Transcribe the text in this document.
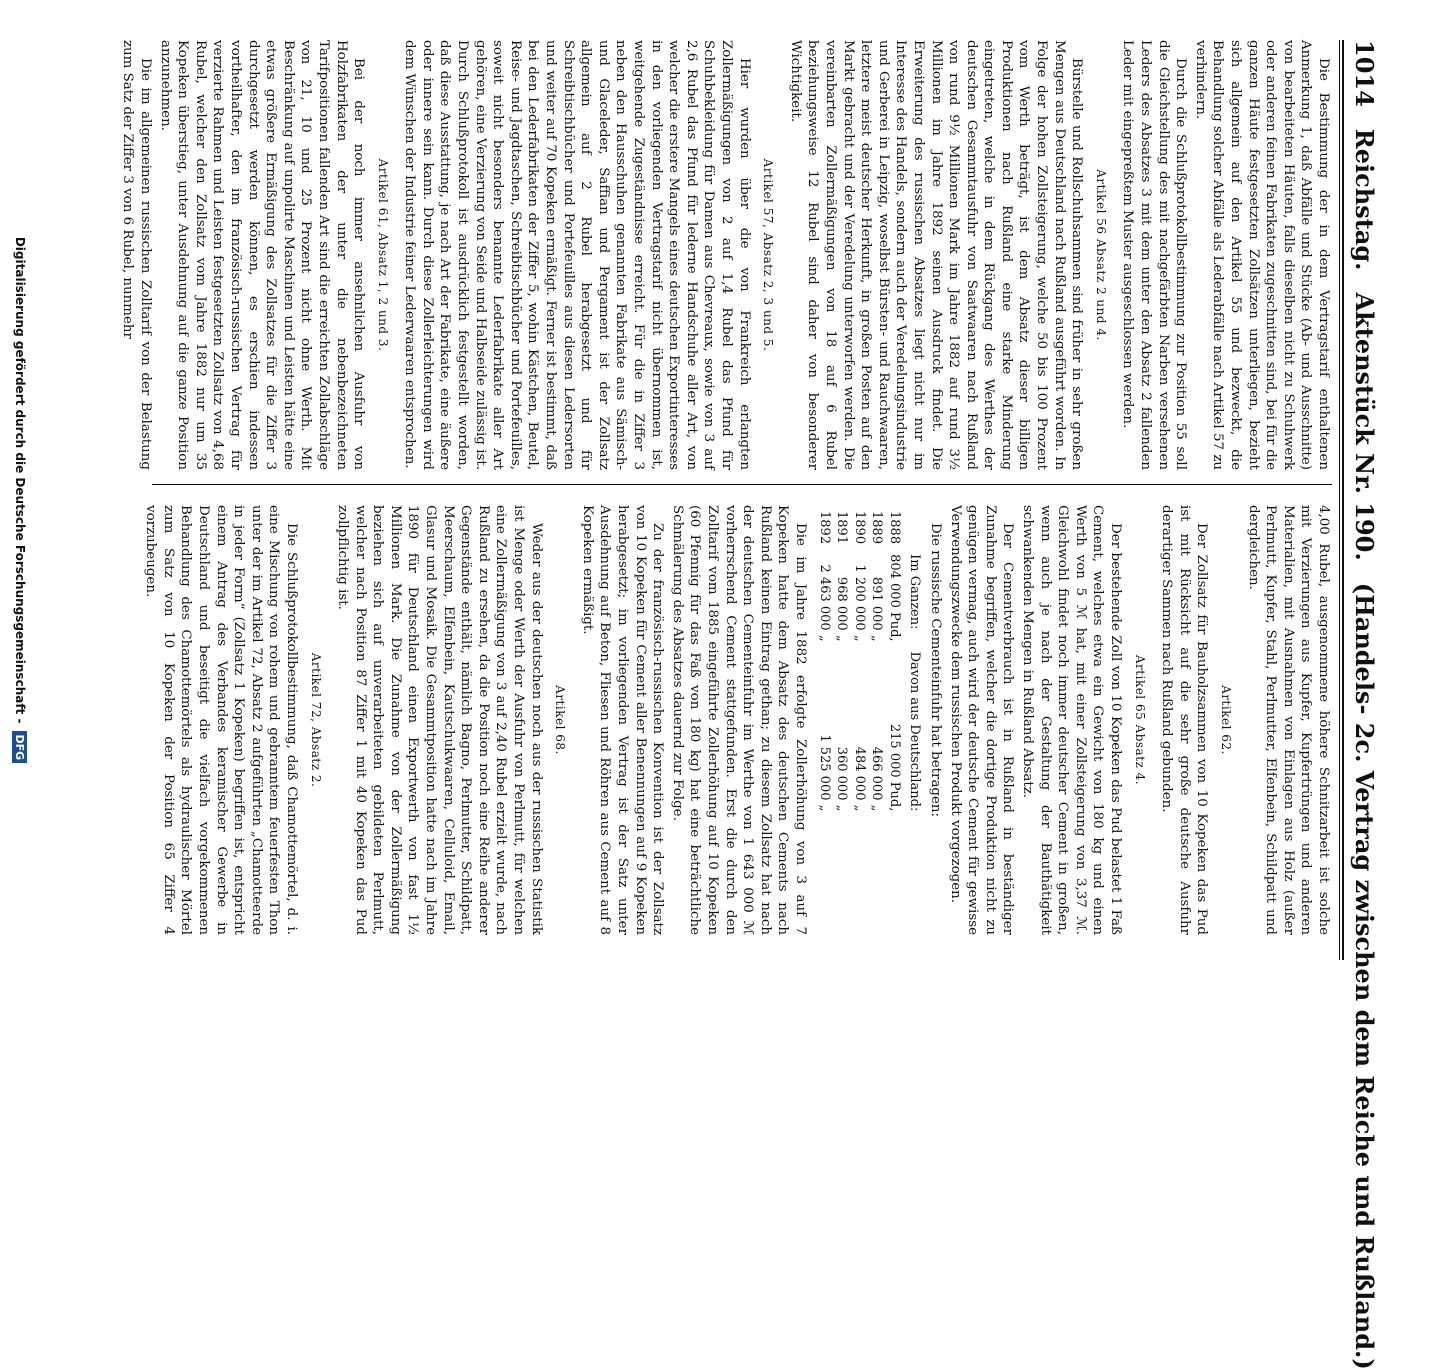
1014
Reichstag.
Aktenstück Nr. 190.
(Handels- 2c. Vertrag zwischen dem Reiche und Rußland.)

Die Bestimmung der in dem Vertragstarif enthaltenen Anmerkung 1, daß Abfälle und Stücke (Ab- und Ausschnitte) von bearbeiteten Häuten, falls dieselben nicht zu Schuhwerk oder anderen feinen Fabrikaten zugeschnitten sind, bei für die ganzen Häute festgesetzten Zollsätzen unterliegen, bezieht sich allgemein auf den Artikel 55 und bezweckt, die Behandlung solcher Abfälle als Lederabfälle nach Artikel 57 zu verhindern.

Durch die Schlußprotokollbestimmung zur Position 55 soll die Gleichstellung des mit nachgefärbten Narben versehenen Leders des Absatzes 3 mit dem unter den Absatz 2 fallenden Leder mit eingepreßtem Muster ausgeschlossen werden.

Artikel 56 Absatz 2 und 4.

Bürstelle und Rollschuhsammen sind früher in sehr großen Mengen aus Deutschland nach Rußland ausgeführt worden. In Folge der hohen Zollsteigerung, welche 50 bis 100 Prozent vom Werth beträgt, ist dem Absatz dieser billigen Produktionen nach Rußland eine starke Minderung eingetreten, welche in dem Rückgang des Werthes der deutschen Gesammtausfuhr von Saatwaaren nach Rußland von rund 9½ Millionen Mark im Jahre 1882 auf rund 3½ Millionen im Jahre 1892 seinen Ausdruck findet. Die Erweiterung des russischen Absatzes liegt nicht nur im Interesse des Handels, sondern auch der Veredelungsindustrie und Gerberei in Leipzig, woselbst Bürsten- und Rauchwaaren, letztere meist deutscher Herkunft, in großen Posten auf den Markt gebracht und der Veredelung unterworfen werden. Die vereinbarten Zollermäßigungen von 18 auf 6 Rubel beziehungsweise 12 Rubel sind daher von besonderer Wichtigkeit.

Artikel 57, Absatz 2, 3 und 5.

Hier wurden über die von Frankreich erlangten Zollermäßigungen von 2 auf 1,4 Rubel das Pfund für Schuhbekleidung für Damen aus Chevreaux, sowie von 3 auf 2,6 Rubel das Pfund für lederne Handschuhe aller Art, von welcher die erstere Mangels eines deutschen Exportinteresses in den vorliegenden Vertragstarif nicht übernommen ist, weitgehende Zugeständnisse erreicht. Für die in Ziffer 3 neben den Hausschuhen genannten Fabrikate aus Sämisch- und Glaceleder, Saffian und Pergament ist der Zollsatz allgemein auf 2 Rubel herabgesetzt und für Schreibtischbücher und Portefeuilles aus diesen Ledersorten und weiter auf 70 Kopeken ermäßigt. Ferner ist bestimmt, daß bei den Lederfabrikaten der Ziffer 5, wohin Kästchen, Beutel, Reise- und Jagdtaschen, Schreibtischbücher und Portefeuilles, soweit nicht besonders benannte Lederfabrikate aller Art gehören, eine Verzierung von Seide und Halbseide zulässig ist. Durch Schlußprotokoll ist ausdrücklich festgestellt worden, daß diese Ausstattung, je nach Art der Fabrikate, eine äußere oder innere sein kann. Durch diese Zollerleichterungen wird dem Wünschen der Industrie feiner Lederwaaren entsprochen.

Artikel 61, Absatz 1, 2 und 3.

Bei der noch immer ansehnlichen Ausfuhr von Holzfabrikaten der unter die nebenbezeichneten Tarifpositionen fallenden Art sind die erreichten Zollabschläge von 21, 10 und 25 Prozent nicht ohne Werth. Mit Beschränkung auf unpolirte Maschinen und Leisten hätte eine etwas größere Ermäßigung des Zollsatzes für die Ziffer 3 durchgesetzt werden können, es erschien indessen vortheilhafter, den im französisch-russischen Vertrag für verzierte Rahmen und Leisten festgesetzten Zollsatz von 4,68 Rubel, welcher den Zollsatz vom Jahre 1882 nur um 35 Kopeken überstieg, unter Ausdehnung auf die ganze Position anzunehmen.

Die im allgemeinen russischen Zolltarif von der Belastung zum Satz der Ziffer 3 von 6 Rubel, nunmehr

4,00 Rubel, ausgenommene höhere Schnitzarbeit ist solche mit Verzierungen aus Kupfer, Kupfertrüngen und anderen Materialien, mit Ausnahmen von Einlagen aus Holz (außer Perlmutt, Kupfer, Stahl, Perlmutter, Elfenbein, Schildpatt und dergleichen.

Artikel 62.

Der Zollsatz für Bauholzsammen von 10 Kopeken das Pud ist mit Rücksicht auf die sehr große deutsche Ausfuhr derartiger Sammen nach Rußland gebunden.

Artikel 65 Absatz 4.

Der bestehende Zoll von 10 Kopeken das Pud belastet 1 Faß Cement, welches etwa ein Gewicht von 180 kg und einen Werth von 5 ℳ hat, mit einer Zollsteigerung von 3,37 ℳ. Gleichwohl findet noch immer deutscher Cement in großen, wenn auch je nach der Gestaltung der Bauthätigkeit schwankenden Mengen in Rußland Absatz.

Der Cementverbrauch ist in Rußland in beständiger Zunahme begriffen, welcher die dortige Produktion nicht zu genügen vermag, auch wird der deutsche Cement für gewisse Verwendungszwecke dem russischen Produkt vorgezogen.

Die russische Cementeinfuhr hat betragen:

	Im Ganzen:	Davon aus Deutschland:
1888	804 000 Pud,	215 000 Pud,
1889	891 000 „	466 000 „
1890	1 200 000 „	484 000 „
1891	968 000 „	360 000 „
1892	2 463 000 „	1 525 000 „

Die im Jahre 1882 erfolgte Zollerhöhung von 3 auf 7 Kopeken hatte dem Absatz des deutschen Cements nach Rußland keinen Eintrag gethan; zu diesem Zollsatz hat nach der deutschen Cementeinfuhr im Werthe von 1 643 000 ℳ vorherrschend Cement stattgefunden. Erst die durch den Zolltarif vom 1885 eingeführte Zollerhöhung auf 10 Kopeken (60 Pfennig für das Faß von 180 kg) hat eine beträchtliche Schmälerung des Absatzes dauernd zur Folge.

Zu der französisch-russischen Konvention ist der Zollsatz von 10 Kopeken für Cement aller Benennungen auf 9 Kopeken herabgesetzt; im vorliegenden Vertrag ist der Satz unter Ausdehnung auf Beton, Fliesen und Röhren aus Cement auf 8 Kopeken ermäßigt.

Artikel 68.

Weder aus der deutschen noch aus der russischen Statistik ist Menge oder Werth der Ausfuhr von Perlmutt, für welchen eine Zollermäßigung von 3 auf 2,40 Rubel erzielt wurde, nach Rußland zu ersehen, da die Position noch eine Reihe anderer Gegenstände enthält, nämlich Bagno, Perlmutter, Schildpatt, Meerschaum, Elfenbein, Kautschukwaaren, Celluloid, Email, Glasur und Mosaik. Die Gesammtposition hatte nach im Jahre 1890 für Deutschland einen Exportwerth von fast 1½ Millionen Mark. Die Zunahme von der Zollermäßigung beziehen sich auf unverarbeiteten gebildeten Perlmutt, welcher nach Position 87 Ziffer 1 mit 40 Kopeken das Pud zollpflichtig ist.

Artikel 72, Absatz 2.

Die Schlußprotokollbestimmung, daß Chamottemörtel, d. i. eine Mischung von rohem und gebranntem feuerfesten Thon unter der im Artikel 72, Absatz 2 aufgeführten „Chamotteerde in jeder Form“ (Zollsatz 1 Kopeken) begriffen ist, entspricht einem Antrag des Verbandes keramischer Gewerbe in Deutschland und beseitigt die vielfach vorgekommenen Behandlung des Chamottemörtels als hydraulischer Mörtel zum Satz von 10 Kopeken der Position 65 Ziffer 4 vorzubeugen.

Digitalisierung gefördert durch die Deutsche Forschungsgemeinschaft -
DFG
